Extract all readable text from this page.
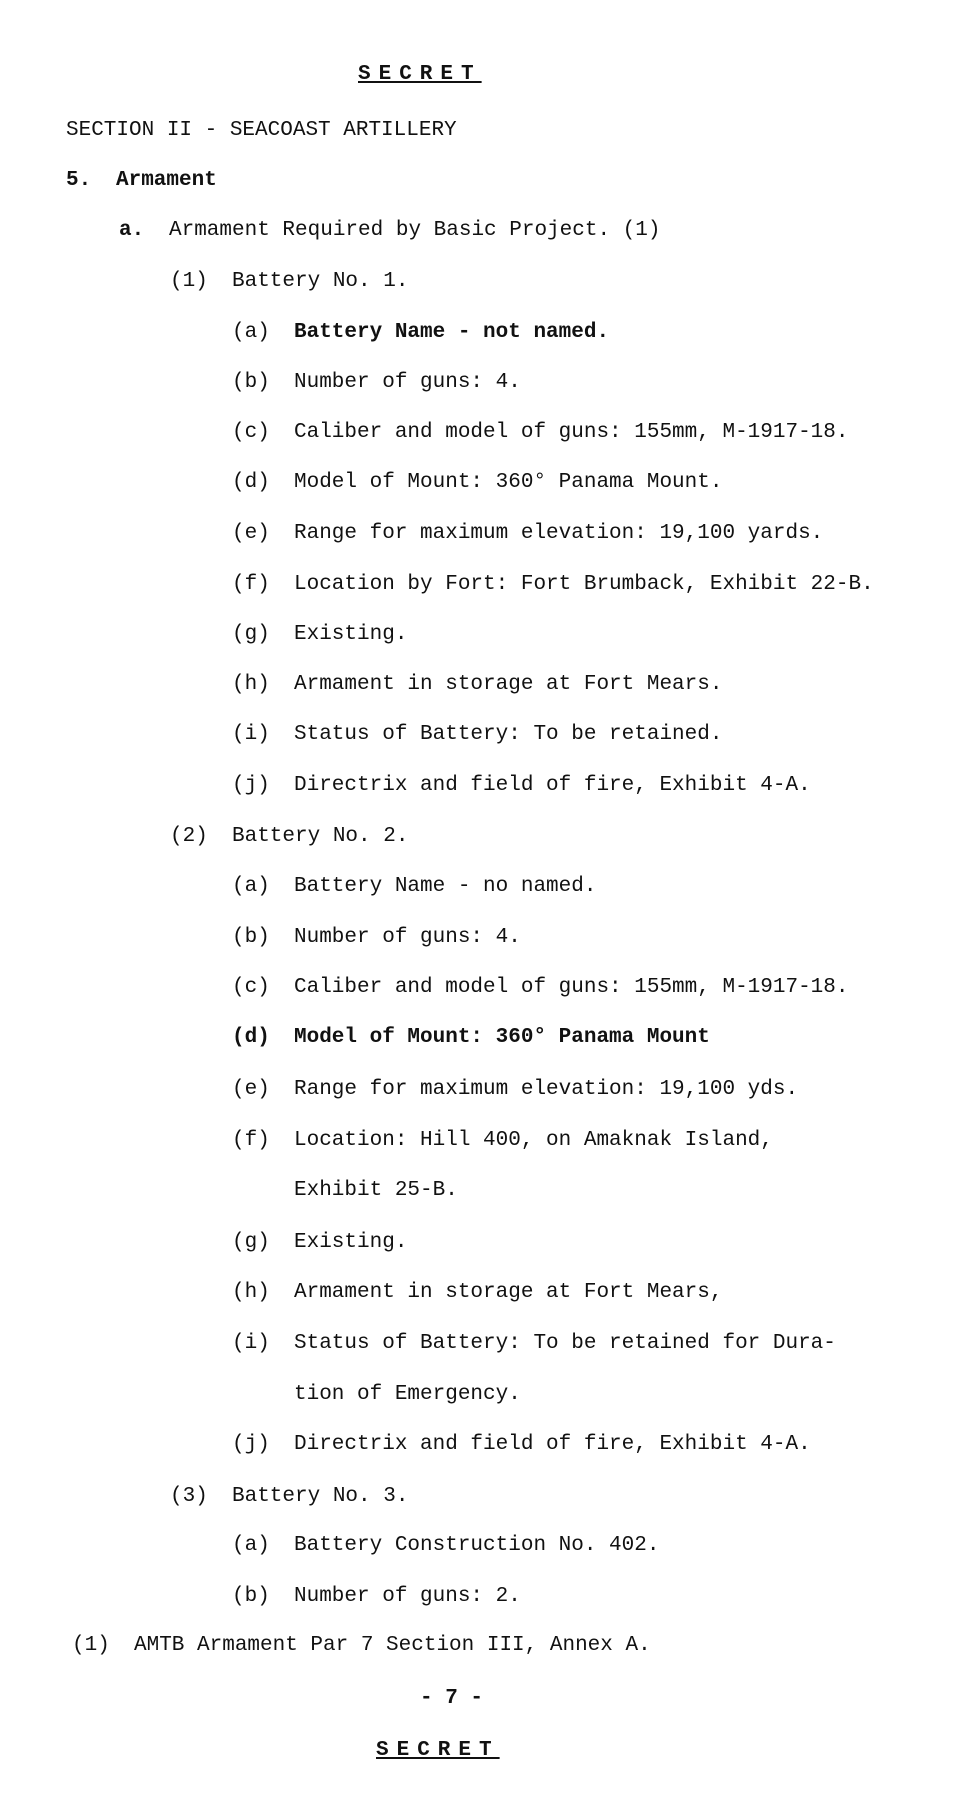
SECRET
SECTION II - SEACOAST ARTILLERY
5. Armament
a. Armament Required by Basic Project. (1)
(1) Battery No. 1.
(a) Battery Name - not named.
(b) Number of guns: 4.
(c) Caliber and model of guns: 155mm, M-1917-18.
(d) Model of Mount: 360° Panama Mount.
(e) Range for maximum elevation: 19,100 yards.
(f) Location by Fort: Fort Brumback, Exhibit 22-B.
(g) Existing.
(h) Armament in storage at Fort Mears.
(i) Status of Battery: To be retained.
(j) Directrix and field of fire, Exhibit 4-A.
(2) Battery No. 2.
(a) Battery Name - no named.
(b) Number of guns: 4.
(c) Caliber and model of guns: 155mm, M-1917-18.
(d) Model of Mount: 360° Panama Mount
(e) Range for maximum elevation: 19,100 yds.
(f) Location: Hill 400, on Amaknak Island,
Exhibit 25-B.
(g) Existing.
(h) Armament in storage at Fort Mears,
(i) Status of Battery: To be retained for Dura-
tion of Emergency.
(j) Directrix and field of fire, Exhibit 4-A.
(3) Battery No. 3.
(a) Battery Construction No. 402.
(b) Number of guns: 2.
(1) AMTB Armament Par 7 Section III, Annex A.
- 7 -
SECRET
